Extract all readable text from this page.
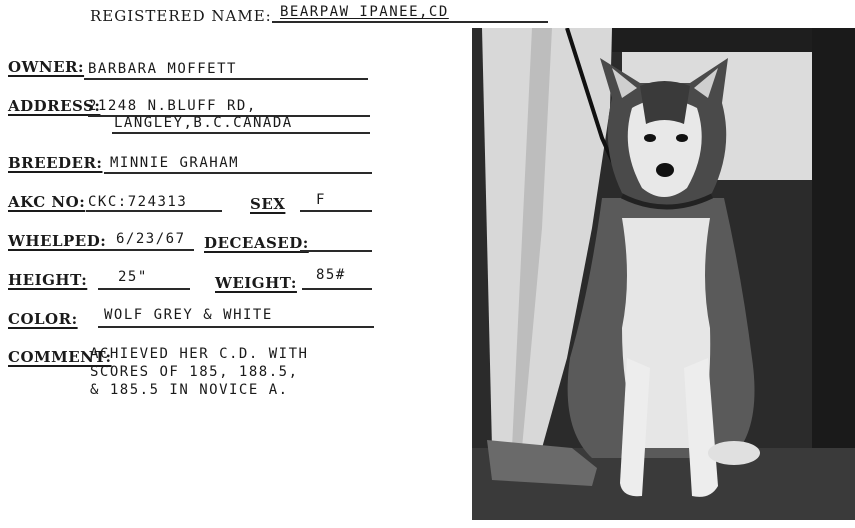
REGISTERED NAME: BEARPAW IPANEE,CD
OWNER: BARBARA MOFFETT
ADDRESS:
21248 N.BLUFF RD,
LANGLEY,B.C.CANADA
BREEDER: MINNIE GRAHAM
AKC NO: CKC:724313	SEX F
WHELPED: 6/23/67 DECEASED:
HEIGHT: 25"	WEIGHT: 85#
COLOR: WOLF GREY & WHITE
COMMENT:
ACHIEVED HER C.D. WITH
SCORES OF 185, 188.5,
& 185.5 IN NOVICE A.
